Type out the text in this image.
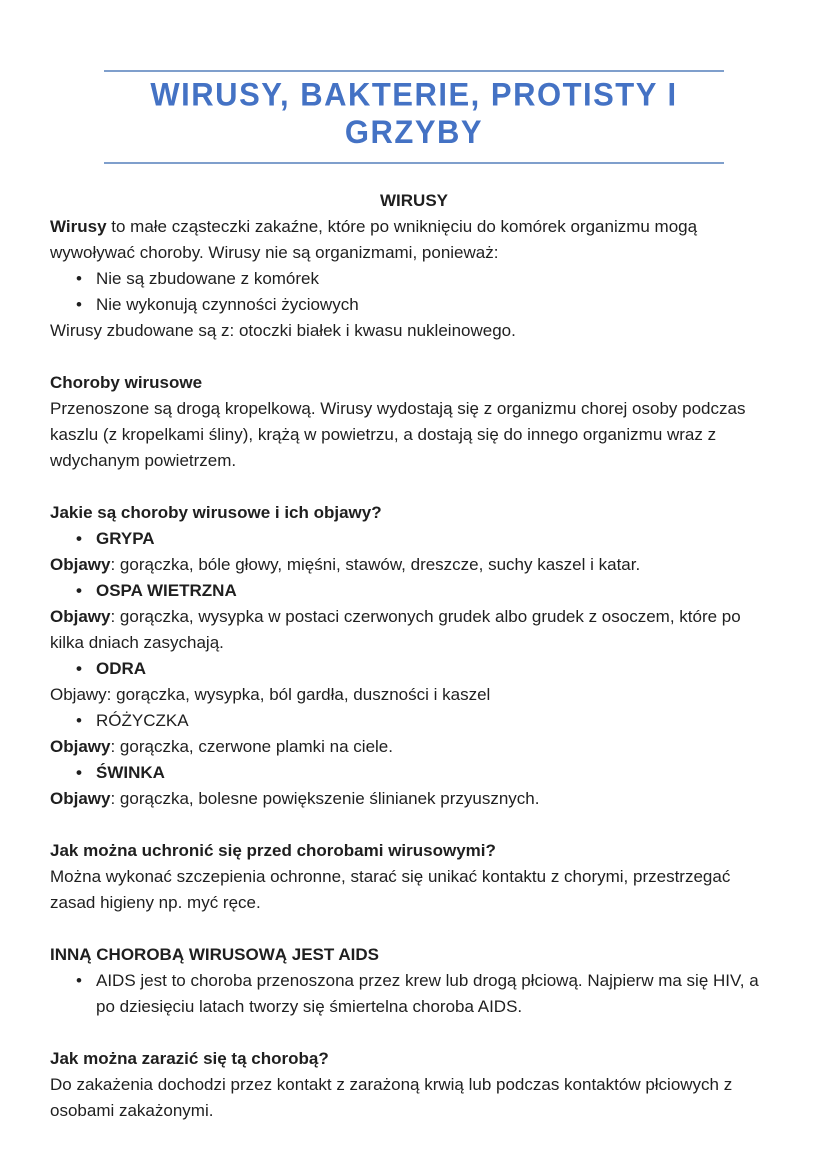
WIRUSY, BAKTERIE, PROTISTY I
GRZYBY

WIRUSY

Wirusy to małe cząsteczki zakaźne, które po wniknięciu do komórek organizmu mogą wywoływać choroby. Wirusy nie są organizmami, ponieważ:

• Nie są zbudowane z komórek
• Nie wykonują czynności życiowych

Wirusy zbudowane są z: otoczki białek i kwasu nukleinowego.

Choroby wirusowe

Przenoszone są drogą kropelkową. Wirusy wydostają się z organizmu chorej osoby podczas kaszlu (z kropelkami śliny), krążą w powietrzu, a dostają się do innego organizmu wraz z wdychanym powietrzem.

Jakie są choroby wirusowe i ich objawy?

• GRYPA

Objawy: gorączka, bóle głowy, mięśni, stawów, dreszcze, suchy kaszel i katar.

• OSPA WIETRZNA

Objawy: gorączka, wysypka w postaci czerwonych grudek albo grudek z osoczem, które po kilka dniach zasychają.

• ODRA

Objawy: gorączka, wysypka, ból gardła, duszności i kaszel

• RÓŻYCZKA

Objawy: gorączka, czerwone plamki na ciele.

• ŚWINKA

Objawy: gorączka, bolesne powiększenie ślinianek przyusznych.

Jak można uchronić się przed chorobami wirusowymi?

Można wykonać szczepienia ochronne, starać się unikać kontaktu z chorymi, przestrzegać zasad higieny np. myć ręce.

INNĄ CHOROBĄ WIRUSOWĄ JEST AIDS

• AIDS jest to choroba przenoszona przez krew lub drogą płciową. Najpierw ma się HIV, a po dziesięciu latach tworzy się śmiertelna choroba AIDS.

Jak można zarazić się tą chorobą?

Do zakażenia dochodzi przez kontakt z zarażoną krwią lub podczas kontaktów płciowych z osobami zakażonymi.
